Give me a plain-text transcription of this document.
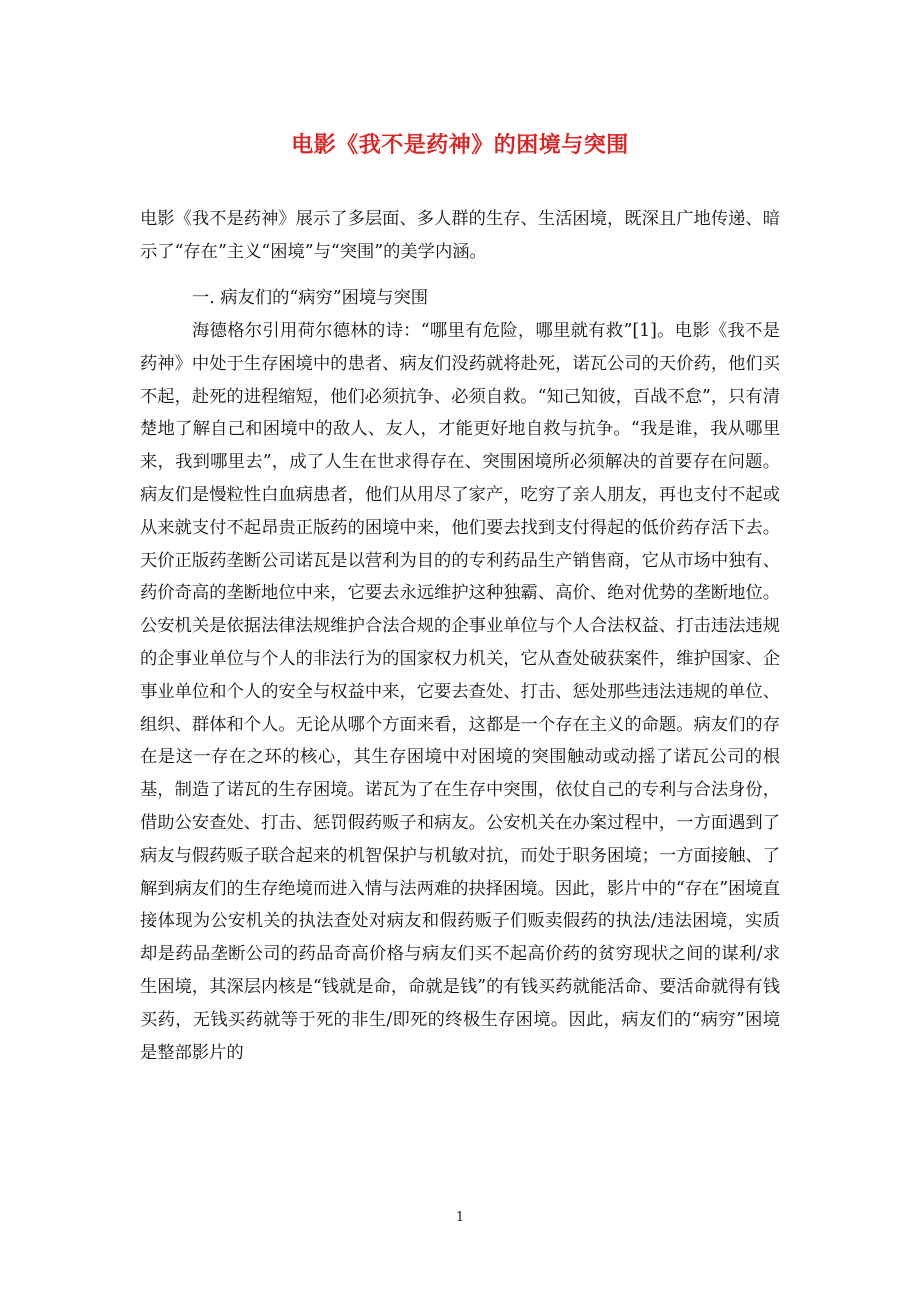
电影《我不是药神》的困境与突围
电影《我不是药神》展示了多层面、多人群的生存、生活困境，既深且广地传递、暗示了“存在”主义“困境”与“突围”的美学内涵。
一. 病友们的“病穷”困境与突围
海德格尔引用荷尔德林的诗：“哪里有危险，哪里就有救”[1]。电影《我不是药神》中处于生存困境中的患者、病友们没药就将赴死，诺瓦公司的天价药，他们买不起，赴死的进程缩短，他们必须抗争、必须自救。“知己知彼，百战不怠”，只有清楚地了解自己和困境中的敌人、友人，才能更好地自救与抗争。“我是谁，我从哪里来，我到哪里去”，成了人生在世求得存在、突围困境所必须解决的首要存在问题。病友们是慢粒性白血病患者，他们从用尽了家产，吃穷了亲人朋友，再也支付不起或从来就支付不起昂贵正版药的困境中来，他们要去找到支付得起的低价药存活下去。天价正版药垄断公司诺瓦是以营利为目的的专利药品生产销售商，它从市场中独有、药价奇高的垄断地位中来，它要去永远维护这种独霸、高价、绝对优势的垄断地位。公安机关是依据法律法规维护合法合规的企事业单位与个人合法权益、打击违法违规的企事业单位与个人的非法行为的国家权力机关，它从查处破获案件，维护国家、企事业单位和个人的安全与权益中来，它要去查处、打击、惩处那些违法违规的单位、组织、群体和个人。无论从哪个方面来看，这都是一个存在主义的命题。病友们的存在是这一存在之环的核心，其生存困境中对困境的突围触动或动摇了诺瓦公司的根基，制造了诺瓦的生存困境。诺瓦为了在生存中突围，依仗自己的专利与合法身份，借助公安查处、打击、惩罚假药贩子和病友。公安机关在办案过程中，一方面遇到了病友与假药贩子联合起来的机智保护与机敏对抗，而处于职务困境；一方面接触、了解到病友们的生存绝境而进入情与法两难的抉择困境。因此，影片中的“存在”困境直接体现为公安机关的执法查处对病友和假药贩子们贩卖假药的执法/违法困境，实质却是药品垄断公司的药品奇高价格与病友们买不起高价药的贫穷现状之间的谋利/求生困境，其深层内核是“钱就是命，命就是钱”的有钱买药就能活命、要活命就得有钱买药，无钱买药就等于死的非生/即死的终极生存困境。因此，病友们的“病穷”困境是整部影片的
1
